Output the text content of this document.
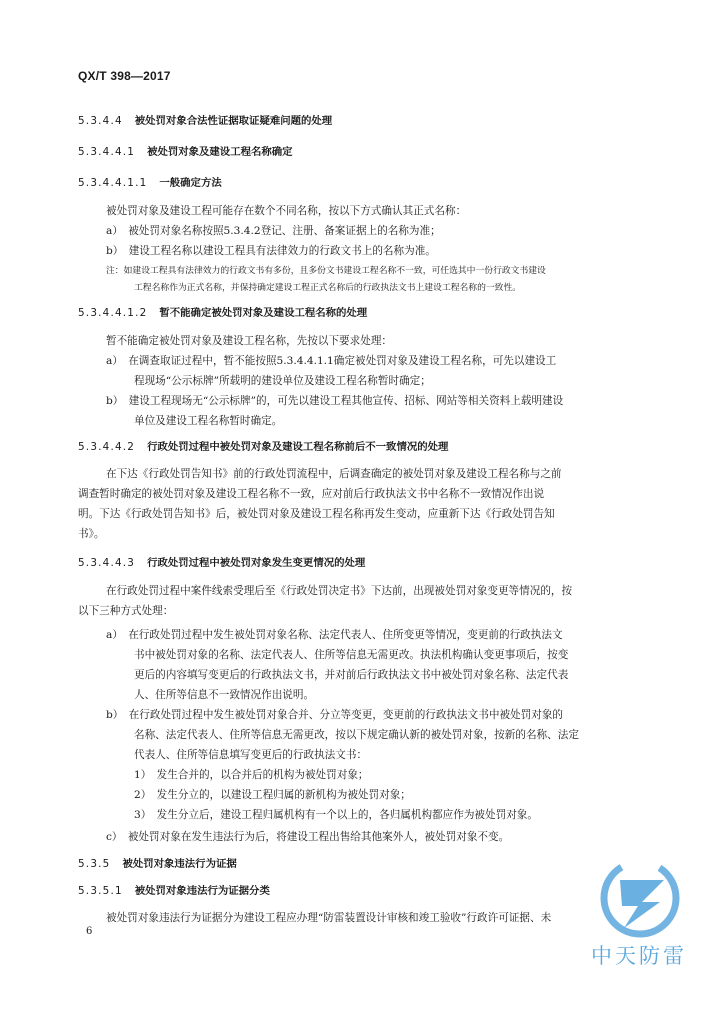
QX/T 398—2017
5.3.4.4 被处罚对象合法性证据取证疑难问题的处理
5.3.4.4.1 被处罚对象及建设工程名称确定
5.3.4.4.1.1 一般确定方法
被处罚对象及建设工程可能存在数个不同名称，按以下方式确认其正式名称：
a）　被处罚对象名称按照5.3.4.2登记、注册、备案证据上的名称为准；
b）　建设工程名称以建设工程具有法律效力的行政文书上的名称为准。
注：如建设工程具有法律效力的行政文书有多份，且多份文书建设工程名称不一致，可任选其中一份行政文书建设
工程名称作为正式名称，并保持确定建设工程正式名称后的行政执法文书上建设工程名称的一致性。
5.3.4.4.1.2 暂不能确定被处罚对象及建设工程名称的处理
暂不能确定被处罚对象及建设工程名称，先按以下要求处理：
a）　在调查取证过程中，暂不能按照5.3.4.4.1.1确定被处罚对象及建设工程名称，可先以建设工
程现场“公示标牌”所载明的建设单位及建设工程名称暂时确定；
b）　建设工程现场无“公示标牌”的，可先以建设工程其他宣传、招标、网站等相关资料上载明建设
单位及建设工程名称暂时确定。
5.3.4.4.2 行政处罚过程中被处罚对象及建设工程名称前后不一致情况的处理
在下达《行政处罚告知书》前的行政处罚流程中，后调查确定的被处罚对象及建设工程名称与之前
调查暂时确定的被处罚对象及建设工程名称不一致，应对前后行政执法文书中名称不一致情况作出说
明。下达《行政处罚告知书》后，被处罚对象及建设工程名称再发生变动，应重新下达《行政处罚告知
书》。
5.3.4.4.3 行政处罚过程中被处罚对象发生变更情况的处理
在行政处罚过程中案件线索受理后至《行政处罚决定书》下达前，出现被处罚对象变更等情况的，按
以下三种方式处理：
a）　在行政处罚过程中发生被处罚对象名称、法定代表人、住所变更等情况，变更前的行政执法文
书中被处罚对象的名称、法定代表人、住所等信息无需更改。执法机构确认变更事项后，按变
更后的内容填写变更后的行政执法文书，并对前后行政执法文书中被处罚对象名称、法定代表
人、住所等信息不一致情况作出说明。
b）　在行政处罚过程中发生被处罚对象合并、分立等变更，变更前的行政执法文书中被处罚对象的
名称、法定代表人、住所等信息无需更改，按以下规定确认新的被处罚对象，按新的名称、法定
代表人、住所等信息填写变更后的行政执法文书：
1）　发生合并的，以合并后的机构为被处罚对象；
2）　发生分立的，以建设工程归属的新机构为被处罚对象；
3）　发生分立后，建设工程归属机构有一个以上的，各归属机构都应作为被处罚对象。
c）　被处罚对象在发生违法行为后，将建设工程出售给其他案外人，被处罚对象不变。
5.3.5 被处罚对象违法行为证据
5.3.5.1 被处罚对象违法行为证据分类
被处罚对象违法行为证据分为建设工程应办理“防雷装置设计审核和竣工验收”行政许可证据、未
6
中天防雷
